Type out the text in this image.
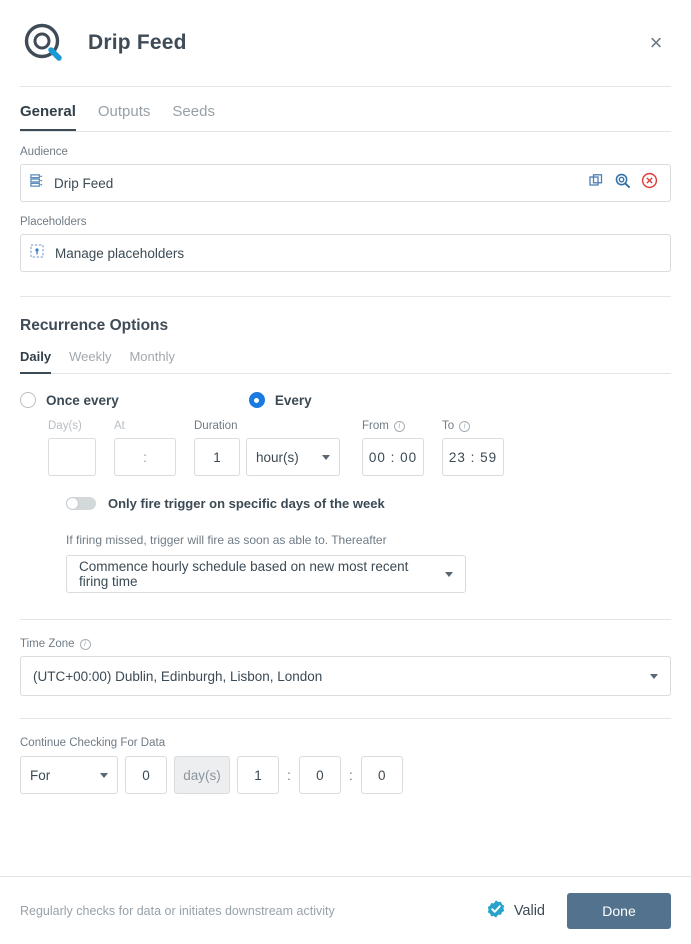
Drip Feed	×
General Outputs Seeds
Audience
Drip Feed
Placeholders
Manage placeholders
Recurrence Options
Daily Weekly Monthly
Once every	Every
Day(s)	At
:
Duration
1	hour(s)
From	i
00 : 00
To	i
23 : 59
Only fire trigger on specific days of the week
If firing missed, trigger will fire as soon as able to. Thereafter
Commence hourly schedule based on new most recent firing time
Time Zone	i
(UTC+00:00) Dublin, Edinburgh, Lisbon, London
Continue Checking For Data
For	0	day(s)	1	:	0	:	0
Regularly checks for data or initiates downstream activity	Valid	Done
